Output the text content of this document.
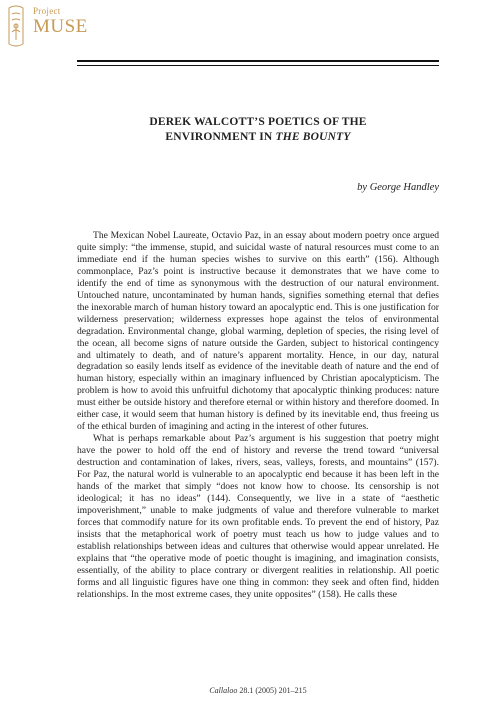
Project
MUSE
DEREK WALCOTT’S POETICS OF THE
ENVIRONMENT IN THE BOUNTY
by George Handley

The Mexican Nobel Laureate, Octavio Paz, in an essay about modern poetry once argued quite simply: “the immense, stupid, and suicidal waste of natural resources must come to an immediate end if the human species wishes to survive on this earth” (156). Although commonplace, Paz’s point is instructive because it demonstrates that we have come to identify the end of time as synonymous with the destruction of our natural environment. Untouched nature, uncontaminated by human hands, signifies something eternal that defies the inexorable march of human history toward an apocalyptic end. This is one justification for wilderness preservation; wilderness expresses hope against the telos of environmental degradation. Environmental change, global warming, depletion of species, the rising level of the ocean, all become signs of nature outside the Garden, subject to historical contingency and ultimately to death, and of nature’s apparent mortality. Hence, in our day, natural degradation so easily lends itself as evidence of the inevitable death of nature and the end of human history, especially within an imaginary influenced by Christian apocalypticism. The problem is how to avoid this unfruitful dichotomy that apocalyptic thinking produces: nature must either be outside history and therefore eternal or within history and therefore doomed. In either case, it would seem that human history is defined by its inevitable end, thus freeing us of the ethical burden of imagining and acting in the interest of other futures.

What is perhaps remarkable about Paz’s argument is his suggestion that poetry might have the power to hold off the end of history and reverse the trend toward “universal destruction and contamination of lakes, rivers, seas, valleys, forests, and mountains” (157). For Paz, the natural world is vulnerable to an apocalyptic end because it has been left in the hands of the market that simply “does not know how to choose. Its censorship is not ideological; it has no ideas” (144). Consequently, we live in a state of “aesthetic impoverishment,” unable to make judgments of value and therefore vulnerable to market forces that commodify nature for its own profitable ends. To prevent the end of history, Paz insists that the metaphorical work of poetry must teach us how to judge values and to establish relationships between ideas and cultures that otherwise would appear unrelated. He explains that “the operative mode of poetic thought is imagining, and imagination consists, essentially, of the ability to place contrary or divergent realities in relationship. All poetic forms and all linguistic figures have one thing in common: they seek and often find, hidden relationships. In the most extreme cases, they unite opposites” (158). He calls these

Callaloo 28.1 (2005) 201–215
